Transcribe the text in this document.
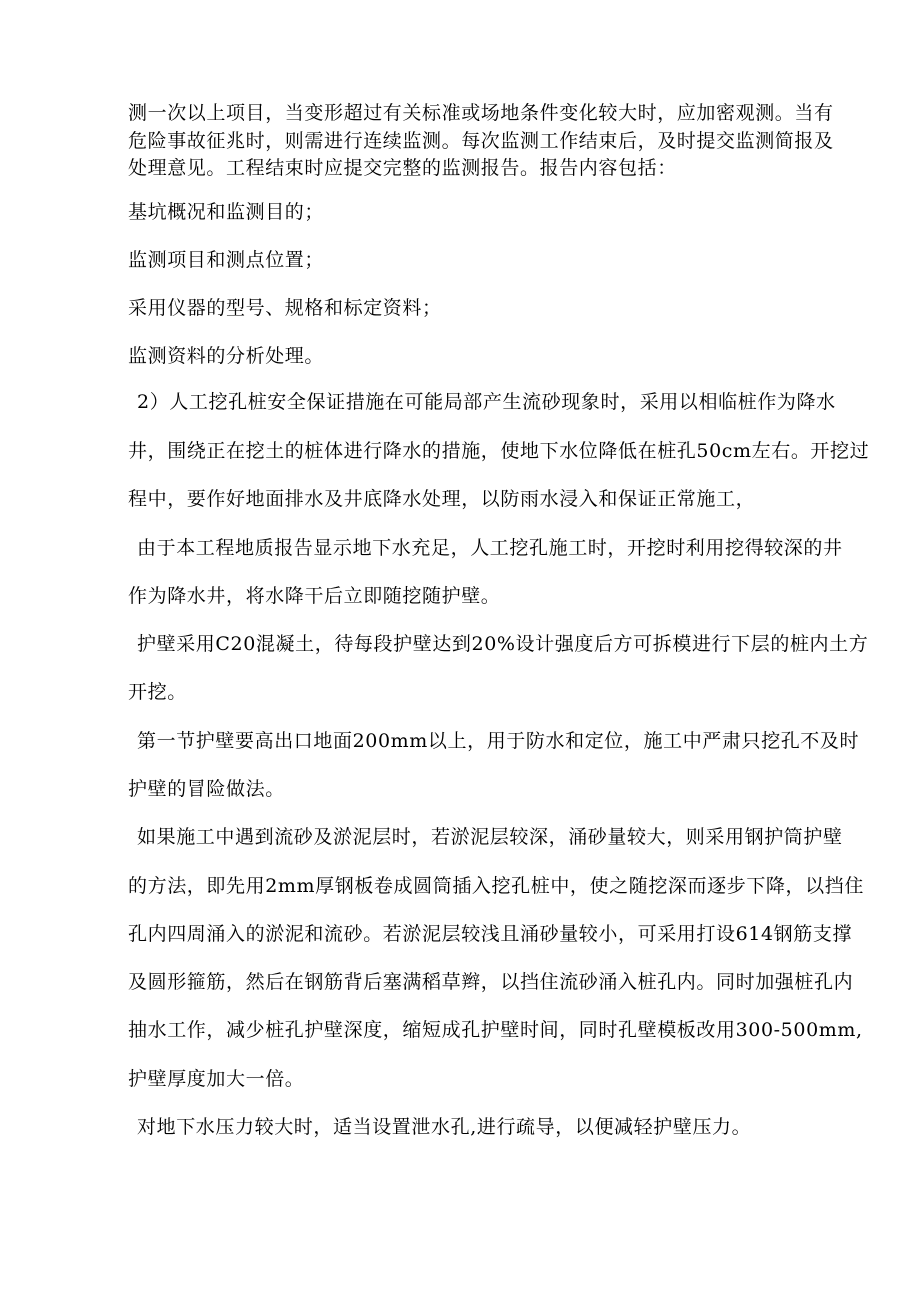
测一次以上项目，当变形超过有关标准或场地条件变化较大时，应加密观测。当有
危险事故征兆时，则需进行连续监测。每次监测工作结束后，及时提交监测简报及
处理意见。工程结束时应提交完整的监测报告。报告内容包括：
基坑概况和监测目的；
监测项目和测点位置；
采用仪器的型号、规格和标定资料；
监测资料的分析处理。
2）人工挖孔桩安全保证措施在可能局部产生流砂现象时，采用以相临桩作为降水
井，围绕正在挖土的桩体进行降水的措施，使地下水位降低在桩孔50cm左右。开挖过
程中，要作好地面排水及井底降水处理，以防雨水浸入和保证正常施工，
由于本工程地质报告显示地下水充足，人工挖孔施工时，开挖时利用挖得较深的井
作为降水井，将水降干后立即随挖随护壁。
护壁采用C20混凝土，待每段护壁达到20%设计强度后方可拆模进行下层的桩内土方
开挖。
第一节护壁要高出口地面200mm以上，用于防水和定位，施工中严肃只挖孔不及时
护壁的冒险做法。
如果施工中遇到流砂及淤泥层时，若淤泥层较深，涌砂量较大，则采用钢护筒护壁
的方法，即先用2mm厚钢板卷成圆筒插入挖孔桩中，使之随挖深而逐步下降，以挡住
孔内四周涌入的淤泥和流砂。若淤泥层较浅且涌砂量较小，可采用打设614钢筋支撑
及圆形箍筋，然后在钢筋背后塞满稻草辫，以挡住流砂涌入桩孔内。同时加强桩孔内
抽水工作，减少桩孔护壁深度，缩短成孔护壁时间，同时孔壁模板改用300-500mm,
护壁厚度加大一倍。
对地下水压力较大时，适当设置泄水孔,进行疏导，以便减轻护壁压力。
